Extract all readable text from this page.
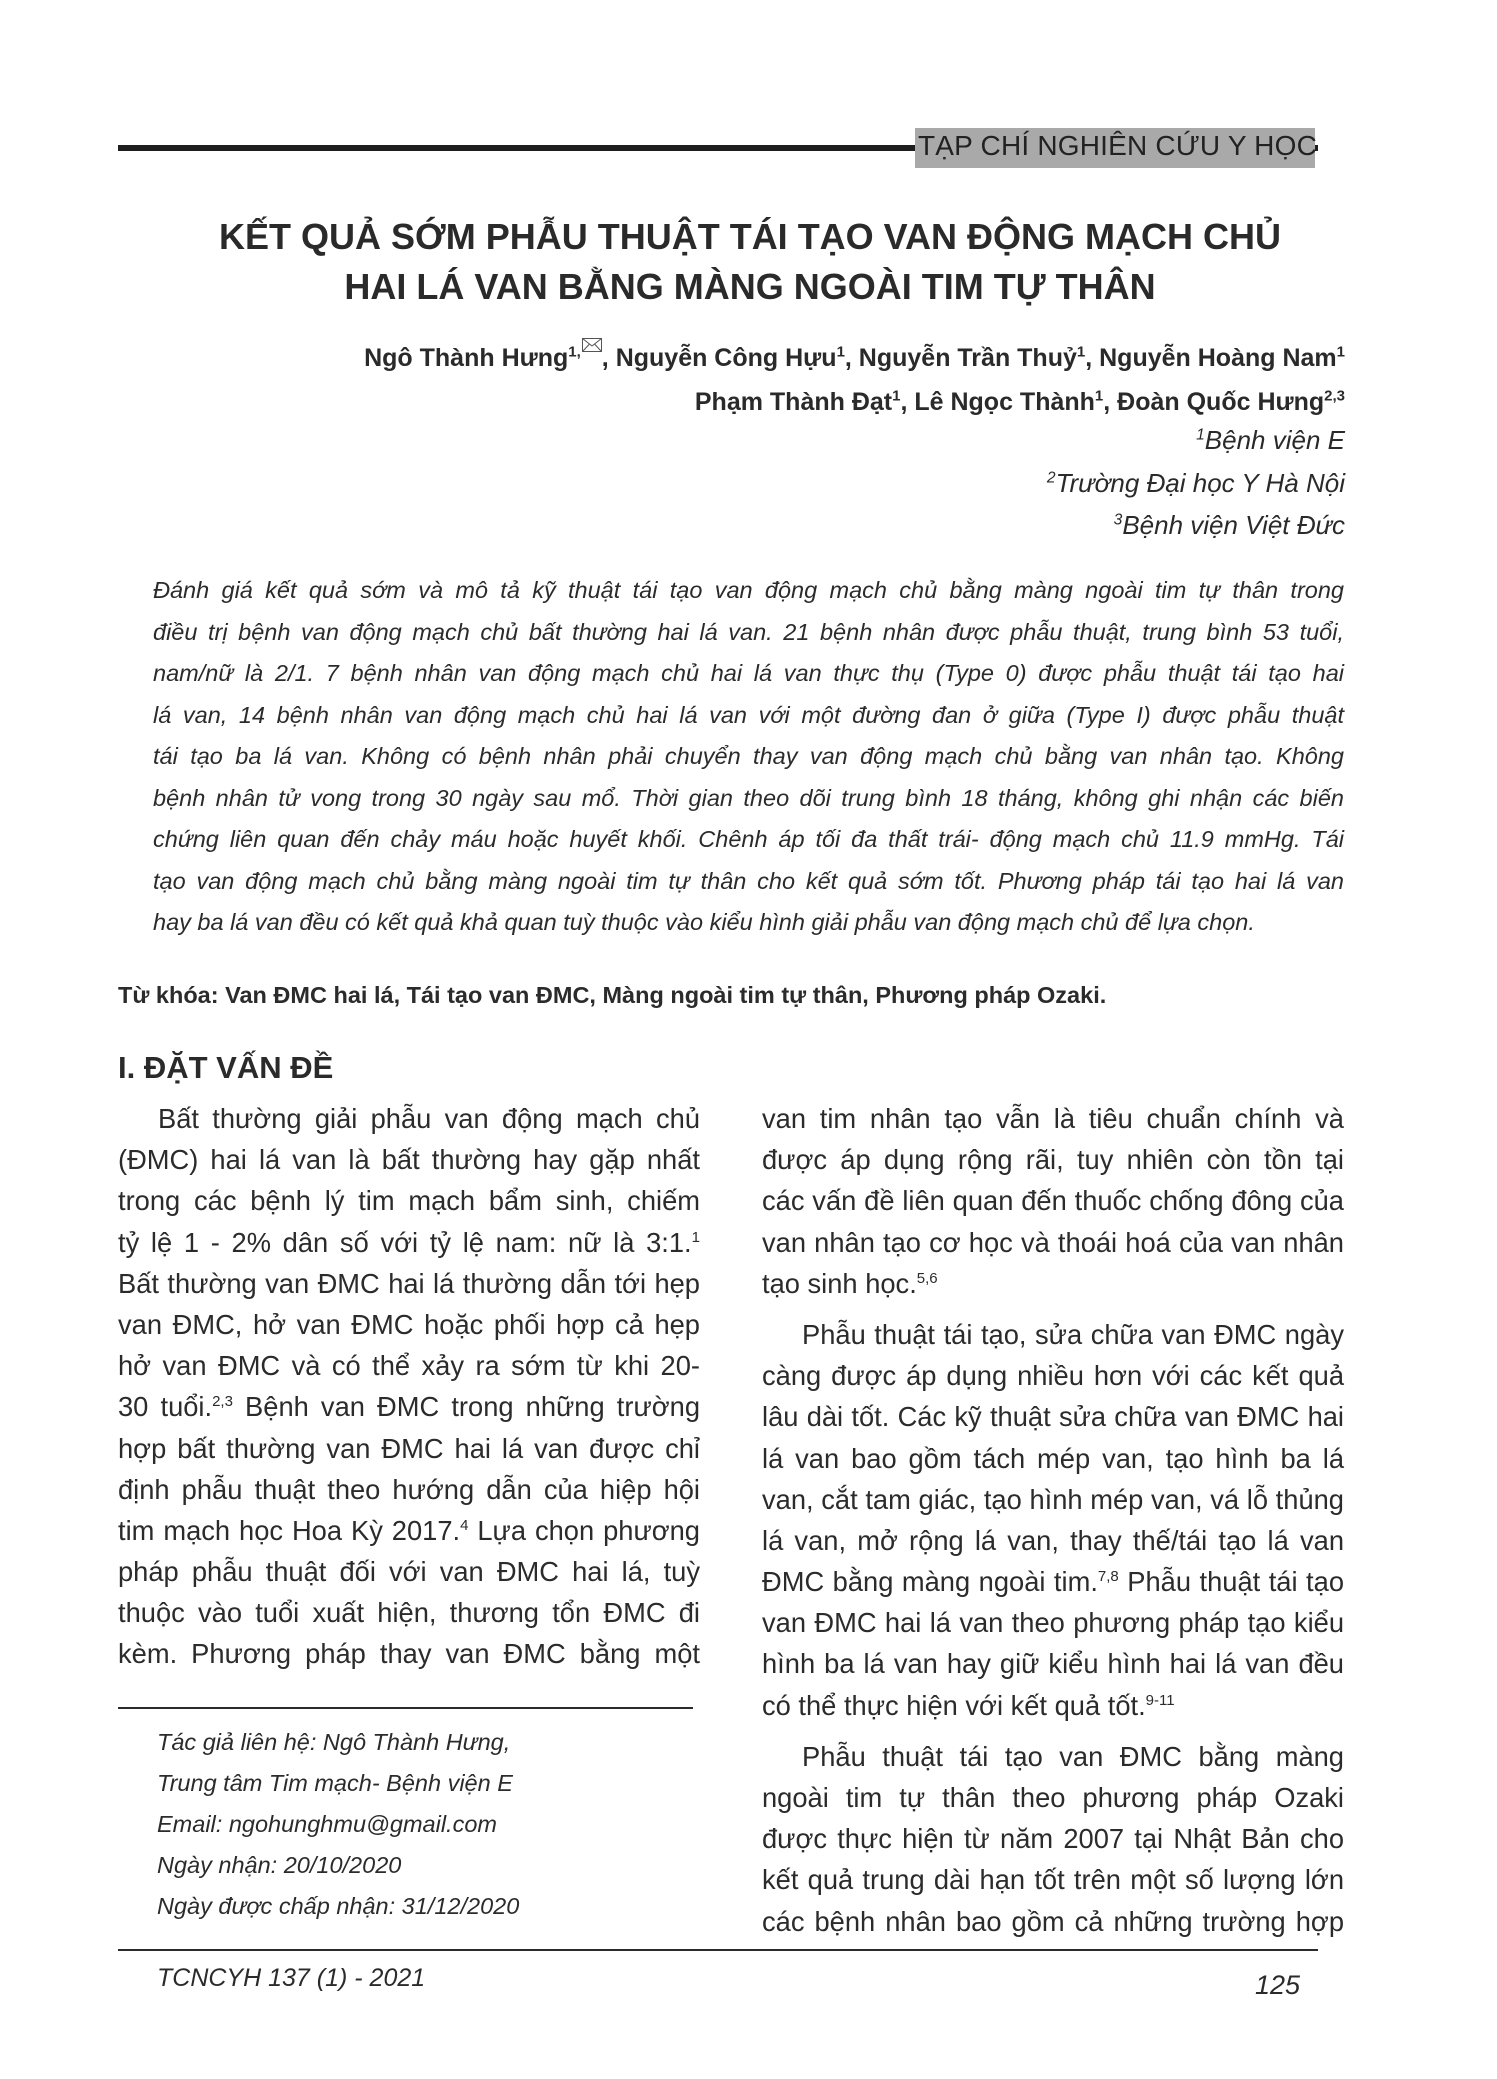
TẠP CHÍ NGHIÊN CỨU Y HỌC
KẾT QUẢ SỚM PHẪU THUẬT TÁI TẠO VAN ĐỘNG MẠCH CHỦ
HAI LÁ VAN BẰNG MÀNG NGOÀI TIM TỰ THÂN
Ngô Thành Hưng$^{1,}$ , Nguyễn Công Hựu$^1$, Nguyễn Trần Thuỷ$^1$, Nguyễn Hoàng Nam$^1$
Phạm Thành Đạt$^1$, Lê Ngọc Thành$^1$, Đoàn Quốc Hưng$^{2,3}$
$^1$Bệnh viện E
$^2$Trường Đại học Y Hà Nội
$^3$Bệnh viện Việt Đức
Đánh giá kết quả sớm và mô tả kỹ thuật tái tạo van động mạch chủ bằng màng ngoài tim tự thân trong
điều trị bệnh van động mạch chủ bất thường hai lá van. 21 bệnh nhân được phẫu thuật, trung bình 53 tuổi,
nam/nữ là 2/1. 7 bệnh nhân van động mạch chủ hai lá van thực thụ (Type 0) được phẫu thuật tái tạo hai
lá van, 14 bệnh nhân van động mạch chủ hai lá van với một đường đan ở giữa (Type I) được phẫu thuật
tái tạo ba lá van. Không có bệnh nhân phải chuyển thay van động mạch chủ bằng van nhân tạo. Không
bệnh nhân tử vong trong 30 ngày sau mổ. Thời gian theo dõi trung bình 18 tháng, không ghi nhận các biến
chứng liên quan đến chảy máu hoặc huyết khối. Chênh áp tối đa thất trái- động mạch chủ 11.9 mmHg. Tái
tạo van động mạch chủ bằng màng ngoài tim tự thân cho kết quả sớm tốt. Phương pháp tái tạo hai lá van
hay ba lá van đều có kết quả khả quan tuỳ thuộc vào kiểu hình giải phẫu van động mạch chủ để lựa chọn.
Từ khóa: Van ĐMC hai lá, Tái tạo van ĐMC, Màng ngoài tim tự thân, Phương pháp Ozaki.
I. ĐẶT VẤN ĐỀ
Bất thường giải phẫu van động mạch chủ
(ĐMC) hai lá van là bất thường hay gặp nhất
trong các bệnh lý tim mạch bẩm sinh, chiếm
tỷ lệ 1 - 2% dân số với tỷ lệ nam: nữ là 3:1.$^1$
Bất thường van ĐMC hai lá thường dẫn tới hẹp
van ĐMC, hở van ĐMC hoặc phối hợp cả hẹp
hở van ĐMC và có thể xảy ra sớm từ khi 20-
30 tuổi.$^{2,3}$ Bệnh van ĐMC trong những trường
hợp bất thường van ĐMC hai lá van được chỉ
định phẫu thuật theo hướng dẫn của hiệp hội
tim mạch học Hoa Kỳ 2017.$^4$ Lựa chọn phương
pháp phẫu thuật đối với van ĐMC hai lá, tuỳ
thuộc vào tuổi xuất hiện, thương tổn ĐMC đi
kèm. Phương pháp thay van ĐMC bằng một
van tim nhân tạo vẫn là tiêu chuẩn chính và
được áp dụng rộng rãi, tuy nhiên còn tồn tại
các vấn đề liên quan đến thuốc chống đông của
van nhân tạo cơ học và thoái hoá của van nhân
tạo sinh học.$^{5,6}$
Phẫu thuật tái tạo, sửa chữa van ĐMC ngày
càng được áp dụng nhiều hơn với các kết quả
lâu dài tốt. Các kỹ thuật sửa chữa van ĐMC hai
lá van bao gồm tách mép van, tạo hình ba lá
van, cắt tam giác, tạo hình mép van, vá lỗ thủng
lá van, mở rộng lá van, thay thế/tái tạo lá van
ĐMC bằng màng ngoài tim.$^{7,8}$ Phẫu thuật tái tạo
van ĐMC hai lá van theo phương pháp tạo kiểu
hình ba lá van hay giữ kiểu hình hai lá van đều
có thể thực hiện với kết quả tốt.$^{9-11}$
Phẫu thuật tái tạo van ĐMC bằng màng
ngoài tim tự thân theo phương pháp Ozaki
được thực hiện từ năm 2007 tại Nhật Bản cho
kết quả trung dài hạn tốt trên một số lượng lớn
các bệnh nhân bao gồm cả những trường hợp
Tác giả liên hệ: Ngô Thành Hưng,
Trung tâm Tim mạch- Bệnh viện E
Email: ngohunghmu@gmail.com
Ngày nhận: 20/10/2020
Ngày được chấp nhận: 31/12/2020
TCNCYH 137 (1) - 2021	125
